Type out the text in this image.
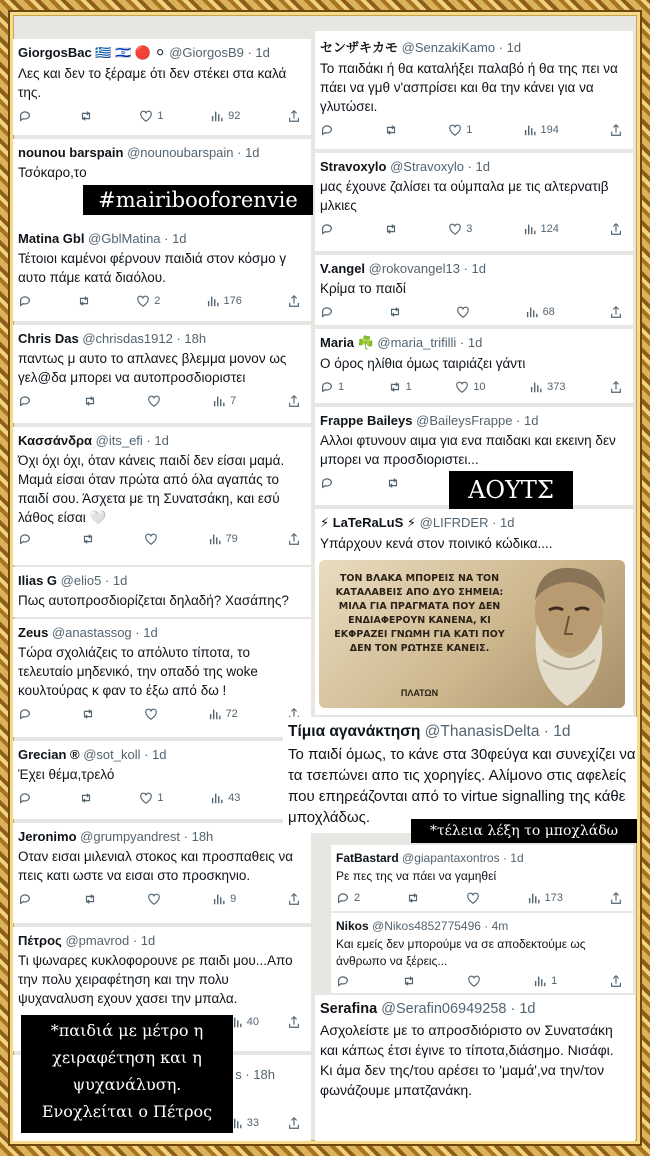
GiorgosBac 🇬🇷 🇮🇱 🔴 ⚪ @GiorgosB9 · 1d
Λες και δεν το ξέραμε ότι δεν στέκει στα καλά της.
1	92
nounou barspain @nounoubarspain · 1d
Τσόκαρο,το
Matina Gbl @GblMatina · 1d
Τέτοιοι καμένοι φέρνουν παιδιά στον κόσμο γ αυτο πάμε κατά διαόλου.
2	176
Chris Das @chrisdas1912 · 18h
παντως μ αυτο το απλανες βλεμμα μονον ως γελ@δα μπορει να αυτοπροσδιοριστει
7
Κασσάνδρα @its_efi · 1d
Όχι όχι όχι, όταν κάνεις παιδί δεν είσαι μαμά. Μαμά είσαι όταν πρώτα από όλα αγαπάς το παιδί σου. Άσχετα με τη Συνατσάκη, και εσύ λάθος είσαι 🤍
79
Ilias G @elio5 · 1d
Πως αυτοπροσδιορίζεται δηλαδή? Χασάπης?
Zeus @anastassog · 1d
Τώρα σχολιάζεις το απόλυτο τίποτα, το τελευταίο μηδενικό, την οπαδό της woke κουλτούρας κ φαν το έξω από δω !
72
Grecian ® @sot_koll · 1d
Έχει θέμα,τρελό
1	43
Jeronimo @grumpyandrest · 18h
Οταν εισαι μιλενιαλ στοκος και προσπαθεις να πεις κατι ωστε να εισαι στο προσκηνιο.
9
Πέτρος @pmavrod · 1d
Τι ψωναρες κυκλοφορουνε ρε παιδι μου...Απο την πολυ χειραφέτηση και την πολυ ψυχαναλυση εχουν χασει την μπαλα.
40
s · 18h
33
センザキカモ @SenzakiKamo · 1d
Το παιδάκι ή θα καταλήξει παλαβό ή θα της πει να πάει να γμθ ν'ασπρίσει και θα την κάνει για να γλυτώσει.
1	194
Stravoxylo @Stravoxylo · 1d
μας έχουνε ζαλίσει τα ούμπαλα με τις αλτερνατιβ μλκιες
3	124
V.angel @rokovangel13 · 1d
Κρίμα το παιδί
68
Maria ☘️ @maria_trifilli · 1d
Ο όρος ηλίθια όμως ταιριάζει γάντι
1	1	10	373
Frappe Baileys @BaileysFrappe · 1d
Αλλοι φτυνουν αιμα για ενα παιδακι και εκεινη δεν μπορει να προσδιοριστει...
⚡ LaTeRaLuS ⚡ @LIFRDER · 1d
Υπάρχουν κενά στον ποινικό κώδικα....
ΤΟΝ ΒΛΑΚΑ ΜΠΟΡΕΙΣ ΝΑ ΤΟΝ ΚΑΤΑΛΑΒΕΙΣ ΑΠΟ ΔΥΟ ΣΗΜΕΙΑ: ΜΙΛΑ ΓΙΑ ΠΡΑΓΜΑΤΑ ΠΟΥ ΔΕΝ ΕΝΔΙΑΦΕΡΟΥΝ ΚΑΝΕΝΑ, ΚΙ ΕΚΦΡΑΖΕΙ ΓΝΩΜΗ ΓΙΑ ΚΑΤΙ ΠΟΥ ΔΕΝ ΤΟΝ ΡΩΤΗΣΕ ΚΑΝΕΙΣ.
ΠΛΑΤΩΝ
Τίμια αγανάκτηση @ThanasisDelta · 1d
Το παιδί όμως, το κάνε στα 30φεύγα και συνεχίζει να τα τσεπώνει απο τις χορηγίες. Αλίμονο στις αφελείς που επηρεάζονται από το virtue signalling της κάθε μποχλάδως.
FatBastard @giapantaxontros · 1d
Ρε πες της να πάει να γαμηθεί
2	173
Nikos @Nikos4852775496 · 4m
Και εμείς δεν μπορούμε να σε αποδεκτούμε ως άνθρωπο να ξέρεις...
1
Serafina @Serafin06949258 · 1d
Ασχολείστε με το απροσδιόριστο ον Συνατσάκη και κάπως έτσι έγινε το τίποτα,διάσημο. Νισάφι. Κι άμα δεν της/του αρέσει το 'μαμά',να την/τον φωνάζουμε μπατζανάκη.
#mairibooforenvie
ΑΟΥΤΣ
*τέλεια λέξη το μποχλάδω
*παιδιά με μέτρο η χειραφέτηση και η ψυχανάλυση. Ενοχλείται ο Πέτρος
